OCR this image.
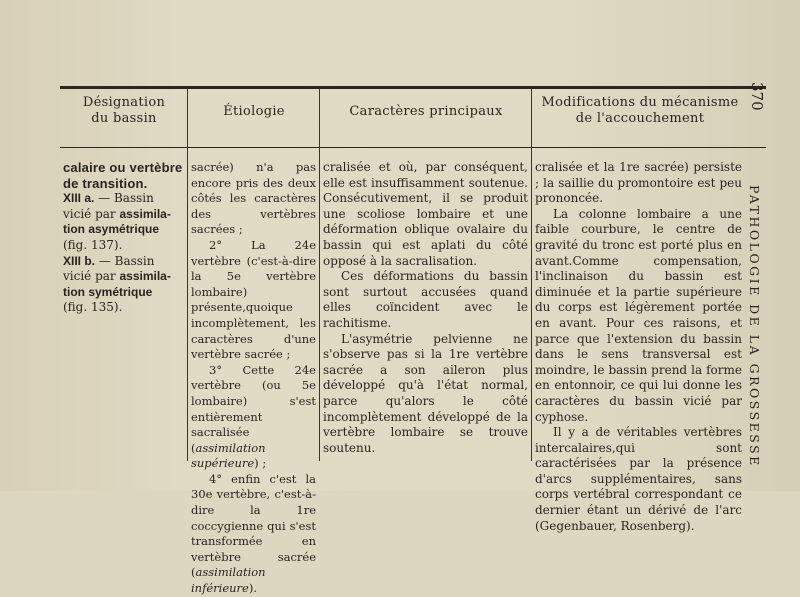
Désignation
du bassin	Étiologie	Caractères principaux
Modifications du mécanisme
de l'accouchement
calaire ou vertèbre
de transition.
XIII a. — Bassin
vicié par assimila-
tion asymétrique
(fig. 137).
XIII b. — Bassin
vicié par assimila-
tion symétrique
(fig. 135).

sacrée) n'a pas encore pris des deux côtés les caractères des vertèbres sacrées ;

2° La 24e vertèbre (c'est-à-dire la 5e vertèbre lombaire) présente,quoique incomplètement, les caractères d'une vertèbre sacrée ;

3° Cette 24e vertèbre (ou 5e lombaire) s'est entièrement sacralisée (assimilation supérieure) ;

4° enfin c'est la 30e vertèbre, c'est-à-dire la 1re coccygienne qui s'est transformée en vertèbre sacrée (assimilation inférieure).

cralisée et où, par conséquent, elle est insuffisamment soutenue. Consécutivement, il se produit une scoliose lombaire et une déformation oblique ovalaire du bassin qui est aplati du côté opposé à la sacralisation.

Ces déformations du bassin sont surtout accusées quand elles coïncident avec le rachitisme.

L'asymétrie pelvienne ne s'observe pas si la 1re vertèbre sacrée a son aileron plus développé qu'à l'état normal, parce qu'alors le côté incomplètement développé de la vertèbre lombaire se trouve soutenu.

cralisée et la 1re sacrée) persiste ; la saillie du promontoire est peu prononcée.

La colonne lombaire a une faible courbure, le centre de gravité du tronc est porté plus en avant.Comme compensation, l'inclinaison du bassin est diminuée et la partie supérieure du corps est légèrement portée en avant. Pour ces raisons, et parce que l'extension du bassin dans le sens transversal est moindre, le bassin prend la forme en entonnoir, ce qui lui donne les caractères du bassin vicié par cyphose.

Il y a de véritables vertèbres intercalaires,qui sont caractérisées par la présence d'arcs supplémentaires, sans corps vertébral correspondant ce dernier étant un dérivé de l'arc (Gegenbauer, Rosenberg).

PATHOLOGIE DE LA GROSSESSE
370
